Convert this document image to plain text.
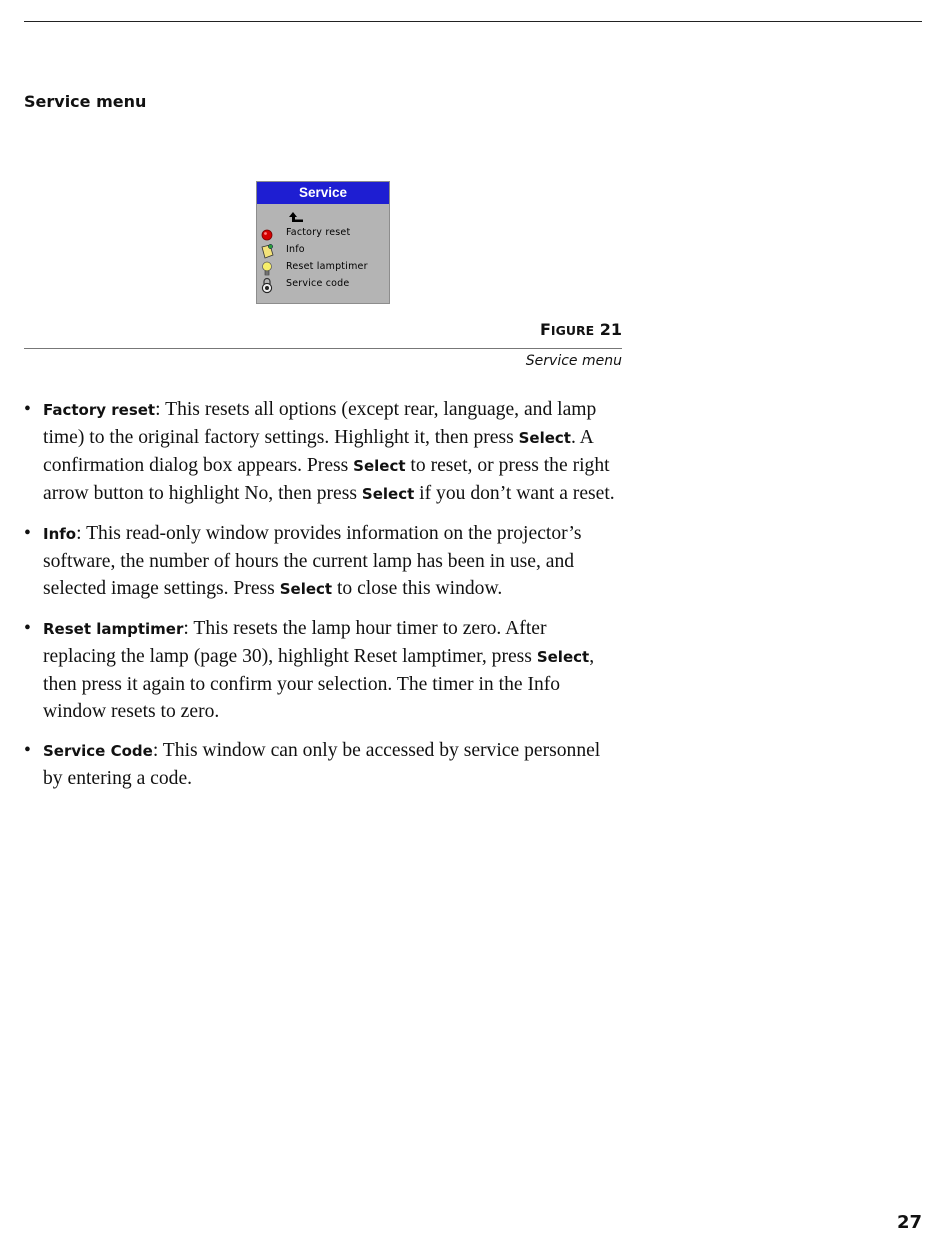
Service menu
Service
Factory reset
Info
Reset lamptimer
Service code
FIGURE 21
Service menu
• Factory reset: This resets all options (except rear, language, and lamp time) to the original factory settings. Highlight it, then press Select. A confirmation dialog box appears. Press Select to reset, or press the right arrow button to highlight No, then press Select if you don’t want a reset.
• Info: This read-only window provides information on the projector’s software, the number of hours the current lamp has been in use, and selected image settings. Press Select to close this window.
• Reset lamptimer: This resets the lamp hour timer to zero. After replacing the lamp (page 30), highlight Reset lamptimer, press Select, then press it again to confirm your selection. The timer in the Info window resets to zero.
• Service Code: This window can only be accessed by service personnel by entering a code.
27
